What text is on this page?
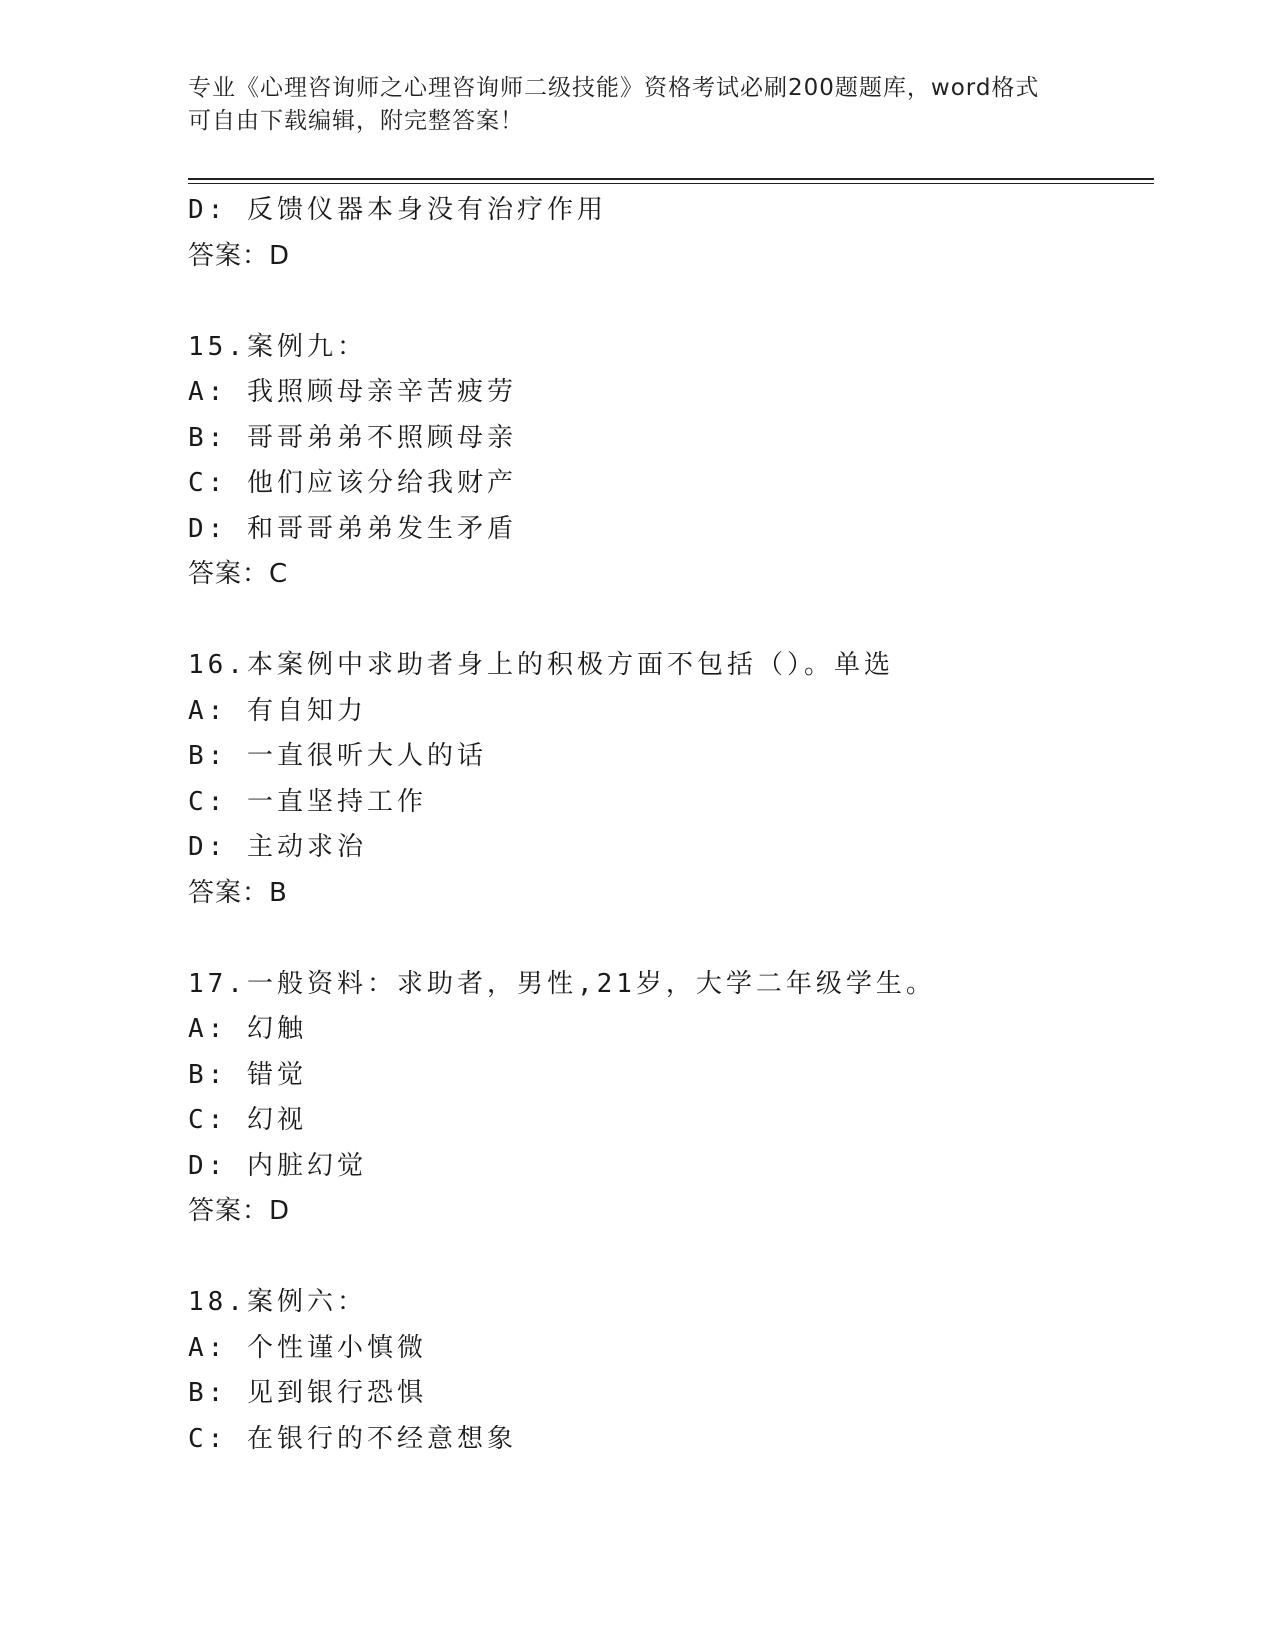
专业《心理咨询师之心理咨询师二级技能》资格考试必刷200题题库，word格式
可自由下载编辑，附完整答案！
D: 反馈仪器本身没有治疗作用
答案：D
15.案例九：
A: 我照顾母亲辛苦疲劳
B: 哥哥弟弟不照顾母亲
C: 他们应该分给我财产
D: 和哥哥弟弟发生矛盾
答案：C
16.本案例中求助者身上的积极方面不包括（）。单选
A: 有自知力
B: 一直很听大人的话
C: 一直坚持工作
D: 主动求治
答案：B
17.一般资料：求助者，男性,21岁，大学二年级学生。
A: 幻触
B: 错觉
C: 幻视
D: 内脏幻觉
答案：D
18.案例六：
A: 个性谨小慎微
B: 见到银行恐惧
C: 在银行的不经意想象
